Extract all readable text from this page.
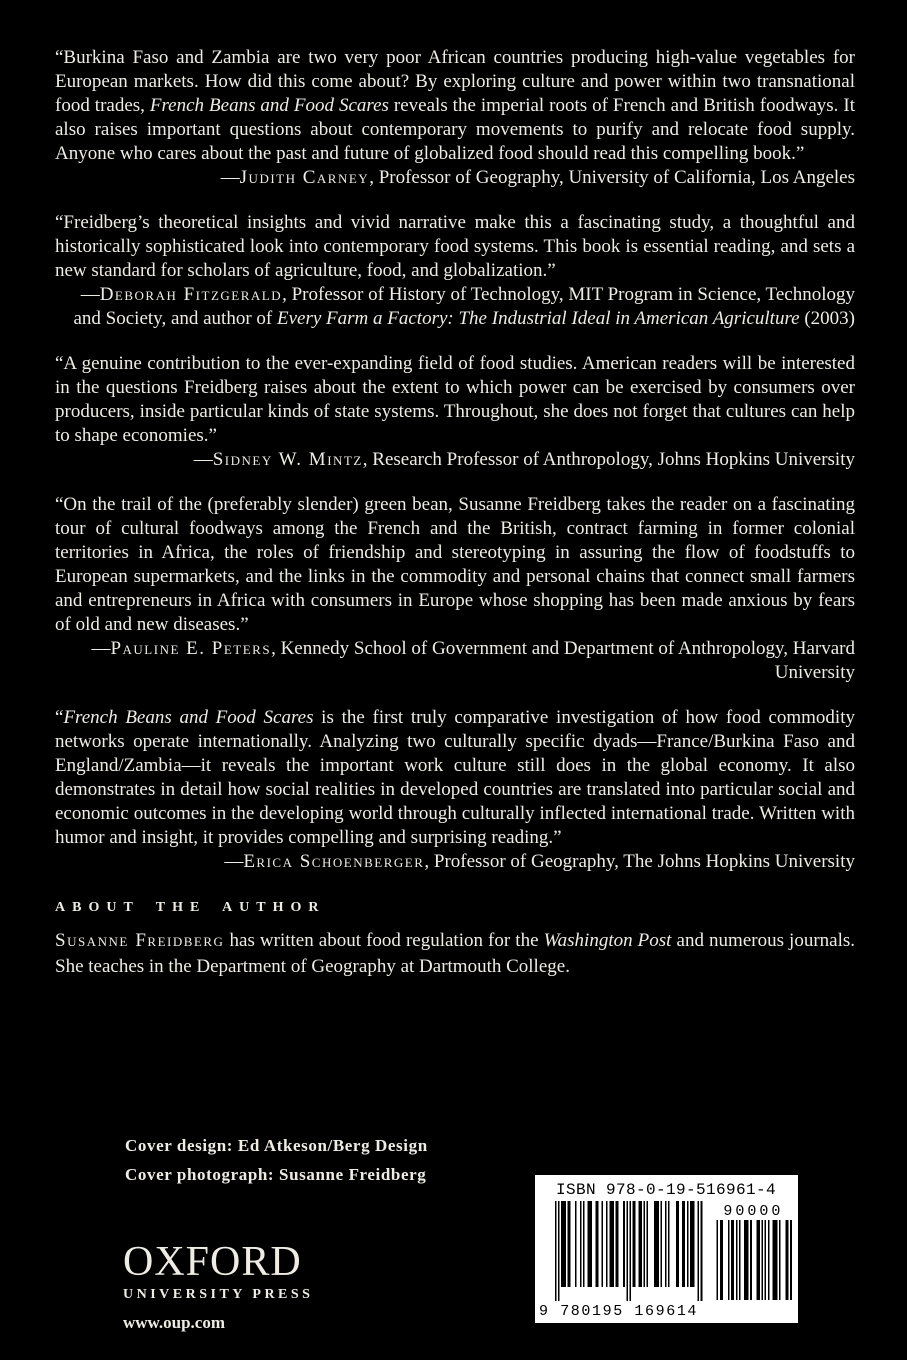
“Burkina Faso and Zambia are two very poor African countries producing high-value vegetables for European markets. How did this come about? By exploring culture and power within two transnational food trades, French Beans and Food Scares reveals the imperial roots of French and British foodways. It also raises important questions about contemporary movements to purify and relocate food supply. Anyone who cares about the past and future of globalized food should read this compelling book.”

—Judith Carney, Professor of Geography, University of California, Los Angeles

“Freidberg’s theoretical insights and vivid narrative make this a fascinating study, a thoughtful and historically sophisticated look into contemporary food systems. This book is essential reading, and sets a new standard for scholars of agriculture, food, and globalization.”

—Deborah Fitzgerald, Professor of History of Technology, MIT Program in Science, Technology and Society, and author of Every Farm a Factory: The Industrial Ideal in American Agriculture (2003)

“A genuine contribution to the ever-expanding field of food studies. American readers will be interested in the questions Freidberg raises about the extent to which power can be exercised by consumers over producers, inside particular kinds of state systems. Throughout, she does not forget that cultures can help to shape economies.”

—Sidney W. Mintz, Research Professor of Anthropology, Johns Hopkins University

“On the trail of the (preferably slender) green bean, Susanne Freidberg takes the reader on a fascinating tour of cultural foodways among the French and the British, contract farming in former colonial territories in Africa, the roles of friendship and stereotyping in assuring the flow of foodstuffs to European supermarkets, and the links in the commodity and personal chains that connect small farmers and entrepreneurs in Africa with consumers in Europe whose shopping has been made anxious by fears of old and new diseases.”

—Pauline E. Peters, Kennedy School of Government and Department of Anthropology, Harvard University

“French Beans and Food Scares is the first truly comparative investigation of how food commodity networks operate internationally. Analyzing two culturally specific dyads—France/Burkina Faso and England/Zambia—it reveals the important work culture still does in the global economy. It also demonstrates in detail how social realities in developed countries are translated into particular social and economic outcomes in the developing world through culturally inflected international trade. Written with humor and insight, it provides compelling and surprising reading.”

—Erica Schoenberger, Professor of Geography, The Johns Hopkins University

ABOUT THE AUTHOR

Susanne Freidberg has written about food regulation for the Washington Post and numerous journals. She teaches in the Department of Geography at Dartmouth College.

Cover design: Ed Atkeson/Berg Design
Cover photograph: Susanne Freidberg
OXFORD
UNIVERSITY PRESS
www.oup.com
ISBN 978-0-19-516961-4
9 780195 169614
90000
